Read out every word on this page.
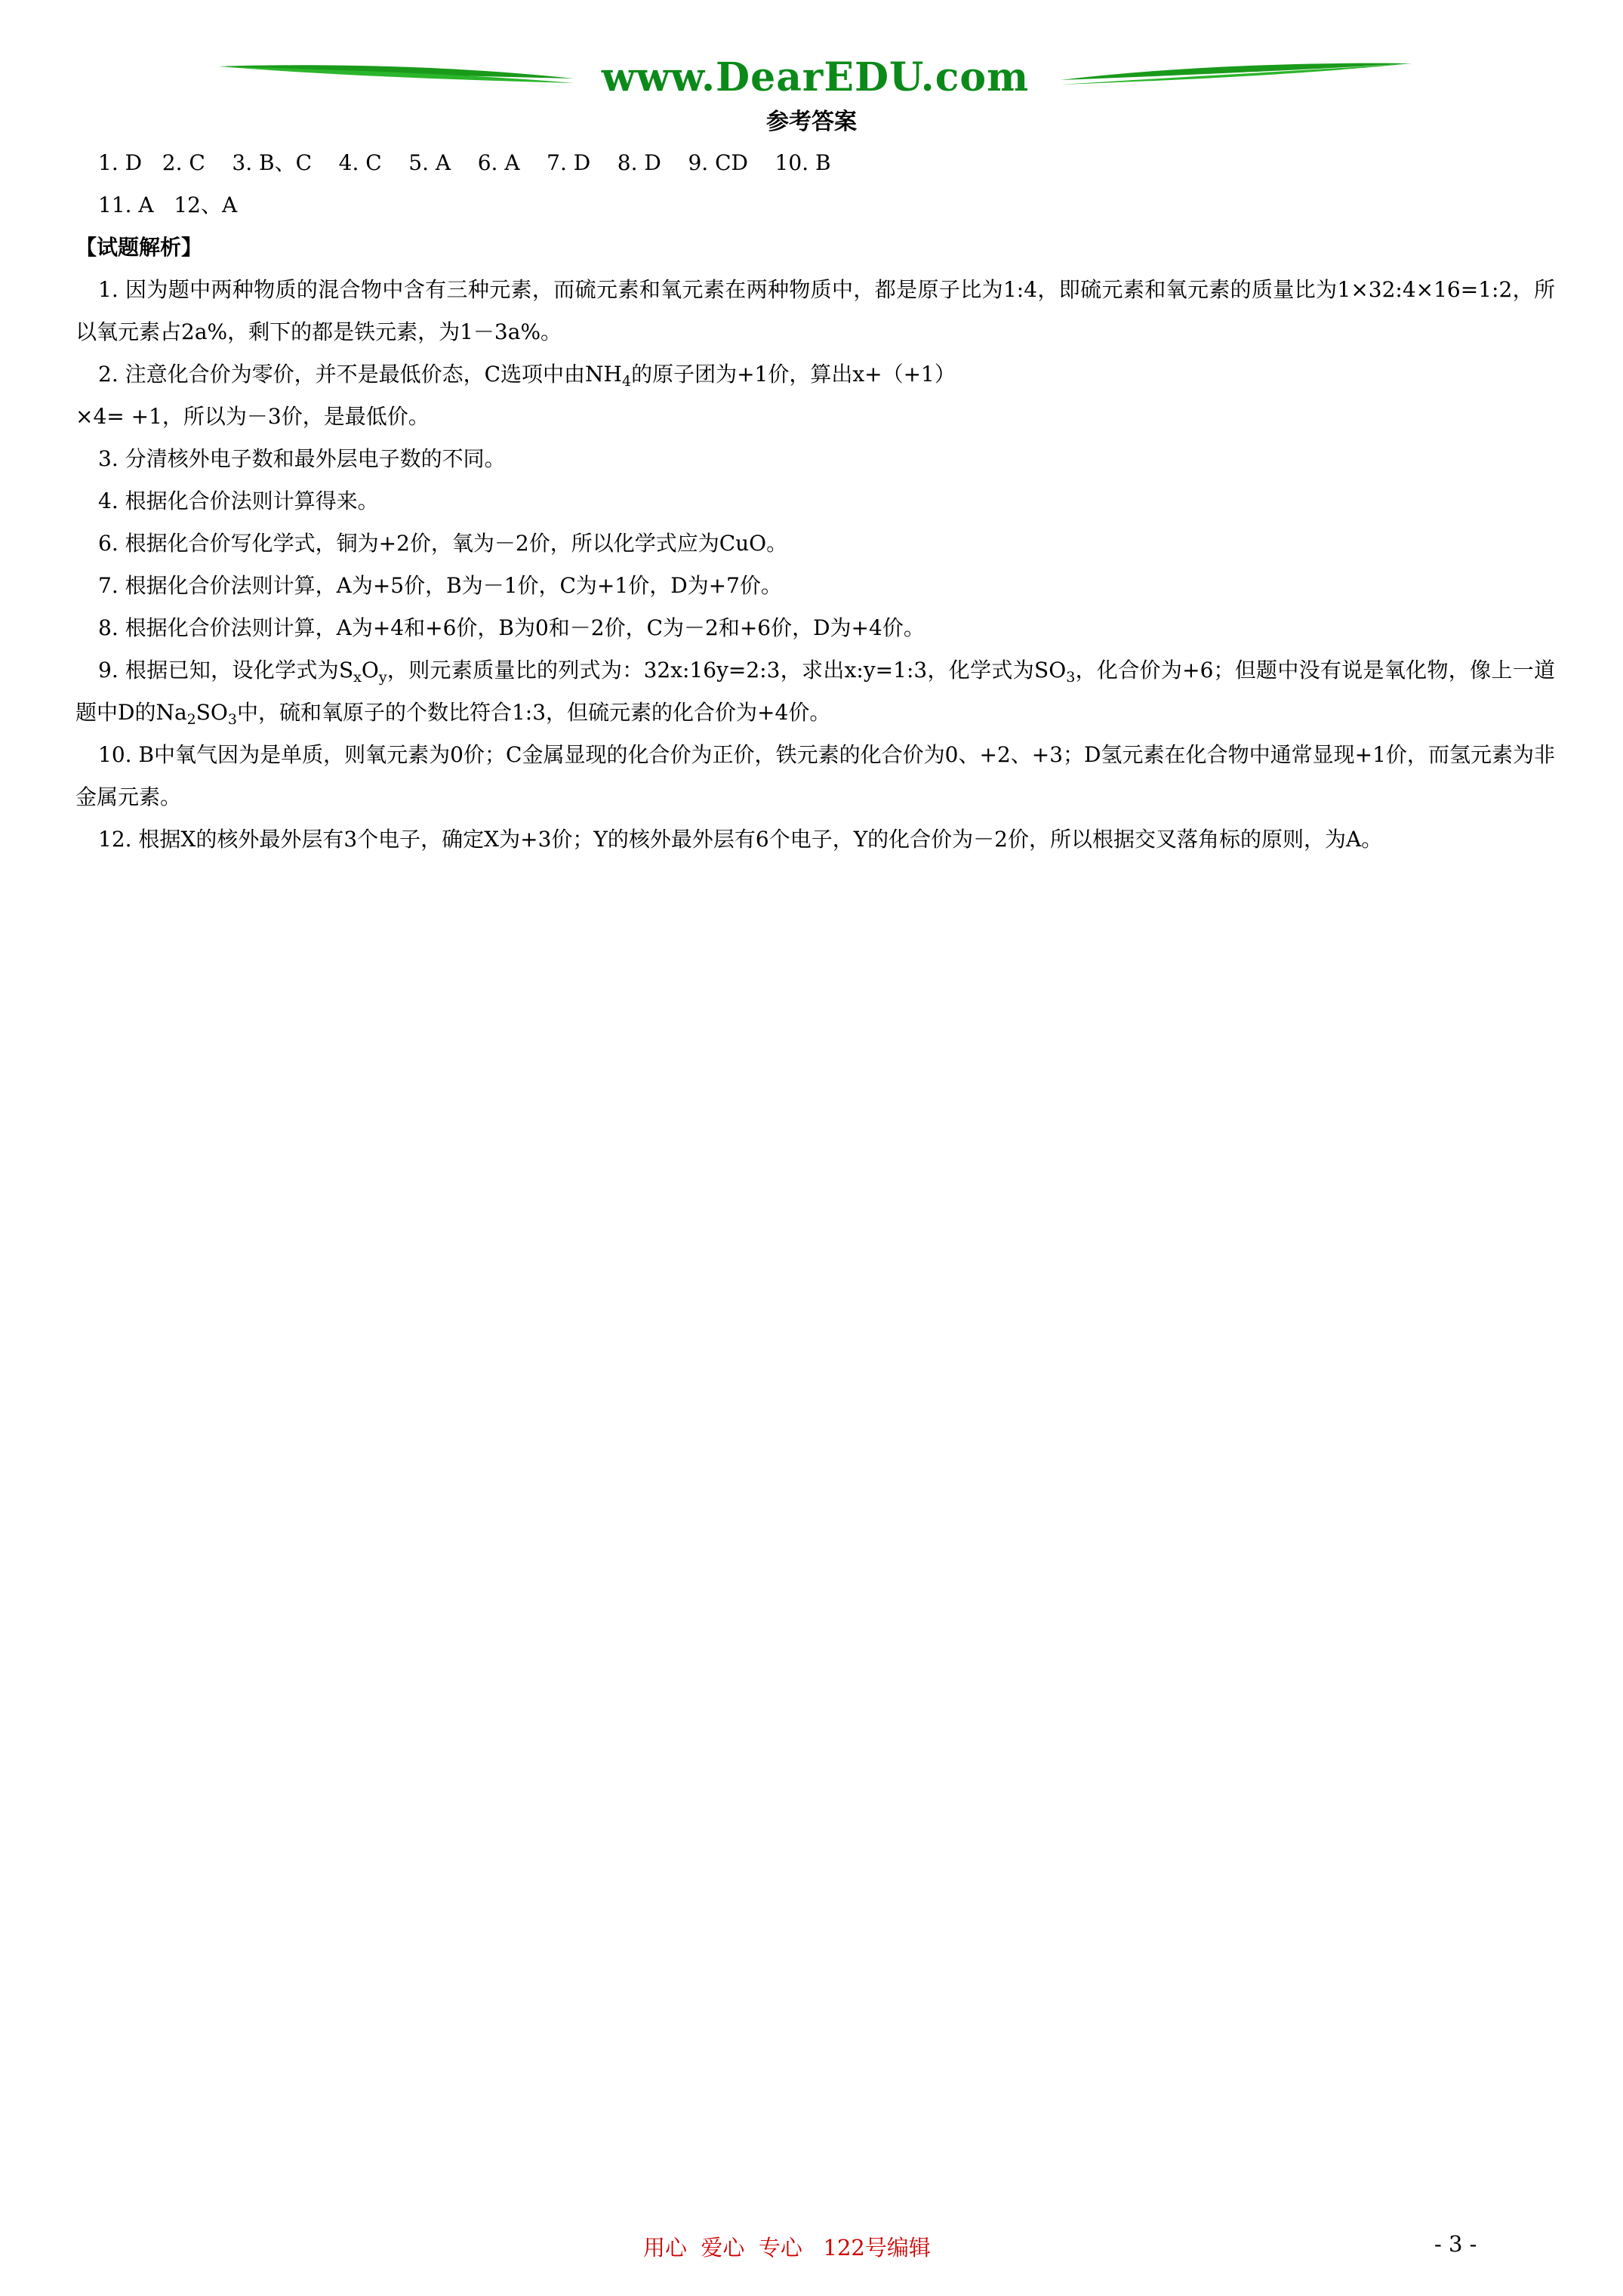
www.DearEDU.com
参考答案
1. D   2. C    3. B、C    4. C    5. A    6. A    7. D    8. D    9. CD    10. B
11. A   12、A
【试题解析】
1. 因为题中两种物质的混合物中含有三种元素，而硫元素和氧元素在两种物质中，都是原子比为1:4，即硫元素和氧元素的质量比为1×32:4×16=1:2，所以氧元素占2a%，剩下的都是铁元素，为1－3a%。
2. 注意化合价为零价，并不是最低价态，C选项中由$NH_4$的原子团为+1价，算出x+（+1）
×4= +1，所以为－3价，是最低价。
3. 分清核外电子数和最外层电子数的不同。
4. 根据化合价法则计算得来。
6. 根据化合价写化学式，铜为+2价，氧为－2价，所以化学式应为CuO。
7. 根据化合价法则计算，A为+5价，B为－1价，C为+1价，D为+7价。
8. 根据化合价法则计算，A为+4和+6价，B为0和－2价，C为－2和+6价，D为+4价。
9. 根据已知，设化学式为$S_xO_y$，则元素质量比的列式为：32x:16y=2:3，求出x:y=1:3，化学式为$SO_3$，化合价为+6；但题中没有说是氧化物，像上一道题中D的$Na_2SO_3$中，硫和氧原子的个数比符合1:3，但硫元素的化合价为+4价。
10. B中氧气因为是单质，则氧元素为0价；C金属显现的化合价为正价，铁元素的化合价为0、+2、+3；D氢元素在化合物中通常显现+1价，而氢元素为非金属元素。
12. 根据X的核外最外层有3个电子，确定X为+3价；Y的核外最外层有6个电子，Y的化合价为－2价，所以根据交叉落角标的原则，为A。
用心  爱心  专心   122号编辑	- 3 -
